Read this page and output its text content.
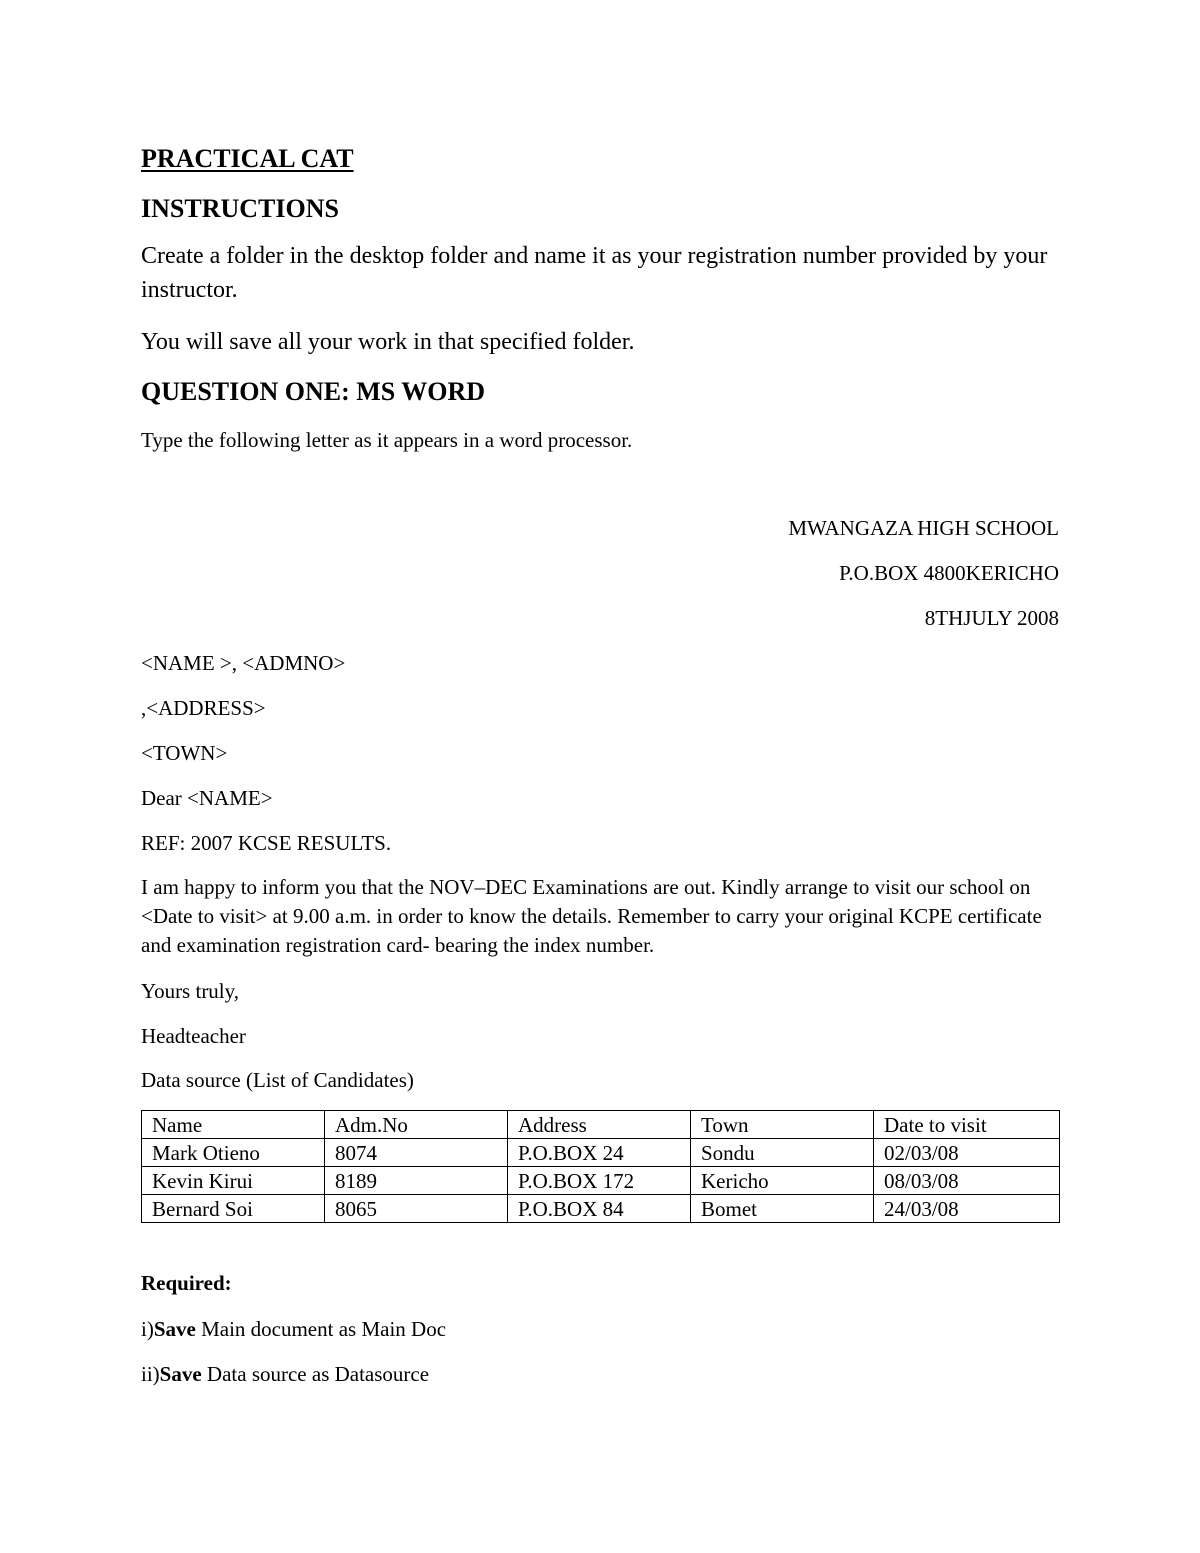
PRACTICAL CAT
INSTRUCTIONS
Create a folder in the desktop folder and name it as your registration number provided by your instructor.
You will save all your work in that specified folder.
QUESTION ONE: MS WORD
Type the following letter as it appears in a word processor.
MWANGAZA HIGH SCHOOL
P.O.BOX 4800KERICHO
8THJULY 2008
<NAME >, <ADMNO>
,<ADDRESS>
<TOWN>
Dear <NAME>
REF: 2007 KCSE RESULTS.
I am happy to inform you that the NOV–DEC Examinations are out. Kindly arrange to visit our school on <Date to visit> at 9.00 a.m. in order to know the details. Remember to carry your original KCPE certificate and examination registration card- bearing the index number.
Yours truly,
Headteacher
Data source (List of Candidates)
Name	Adm.No	Address	Town	Date to visit
Mark Otieno	8074	P.O.BOX 24	Sondu	02/03/08
Kevin Kirui	8189	P.O.BOX 172	Kericho	08/03/08
Bernard Soi	8065	P.O.BOX 84	Bomet	24/03/08
Required:
i)Save Main document as Main Doc
ii)Save Data source as Datasource
